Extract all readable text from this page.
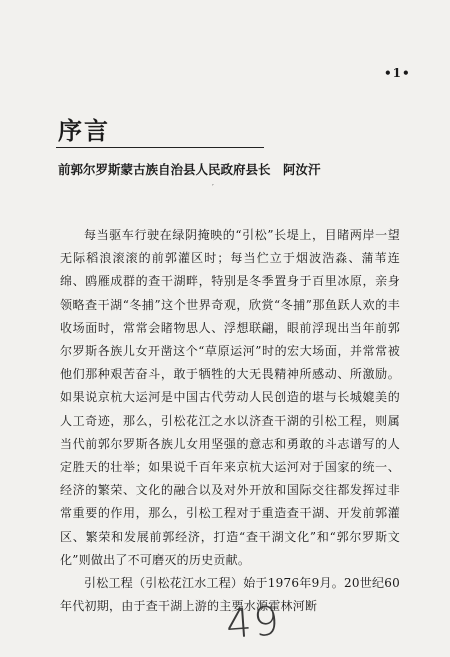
•1•
序言
前郭尔罗斯蒙古族自治县人民政府县长　阿汝汗
′

每当驱车行驶在绿阴掩映的“引松”长堤上，目睹两岸一望无际稻浪滚滚的前郭灌区时；每当伫立于烟波浩淼、蒲苇连绵、鸥雁成群的查干湖畔，特别是冬季置身于百里冰原，亲身领略查干湖“冬捕”这个世界奇观，欣赏“冬捕”那鱼跃人欢的丰收场面时，常常会睹物思人、浮想联翩，眼前浮现出当年前郭尔罗斯各族儿女开凿这个“草原运河”时的宏大场面，并常常被他们那种艰苦奋斗，敢于牺牲的大无畏精神所感动、所激励。如果说京杭大运河是中国古代劳动人民创造的堪与长城媲美的人工奇迹，那么，引松花江之水以济查干湖的引松工程，则属当代前郭尔罗斯各族儿女用坚强的意志和勇敢的斗志谱写的人定胜天的壮举；如果说千百年来京杭大运河对于国家的统一、经济的繁荣、文化的融合以及对外开放和国际交往都发挥过非常重要的作用，那么，引松工程对于重造查干湖、开发前郭灌区、繁荣和发展前郭经济，打造“查干湖文化”和“郭尔罗斯文化”则做出了不可磨灭的历史贡献。

引松工程（引松花江水工程）始于1976年9月。20世纪60年代初期，由于查干湖上游的主要水源霍林河断

49
